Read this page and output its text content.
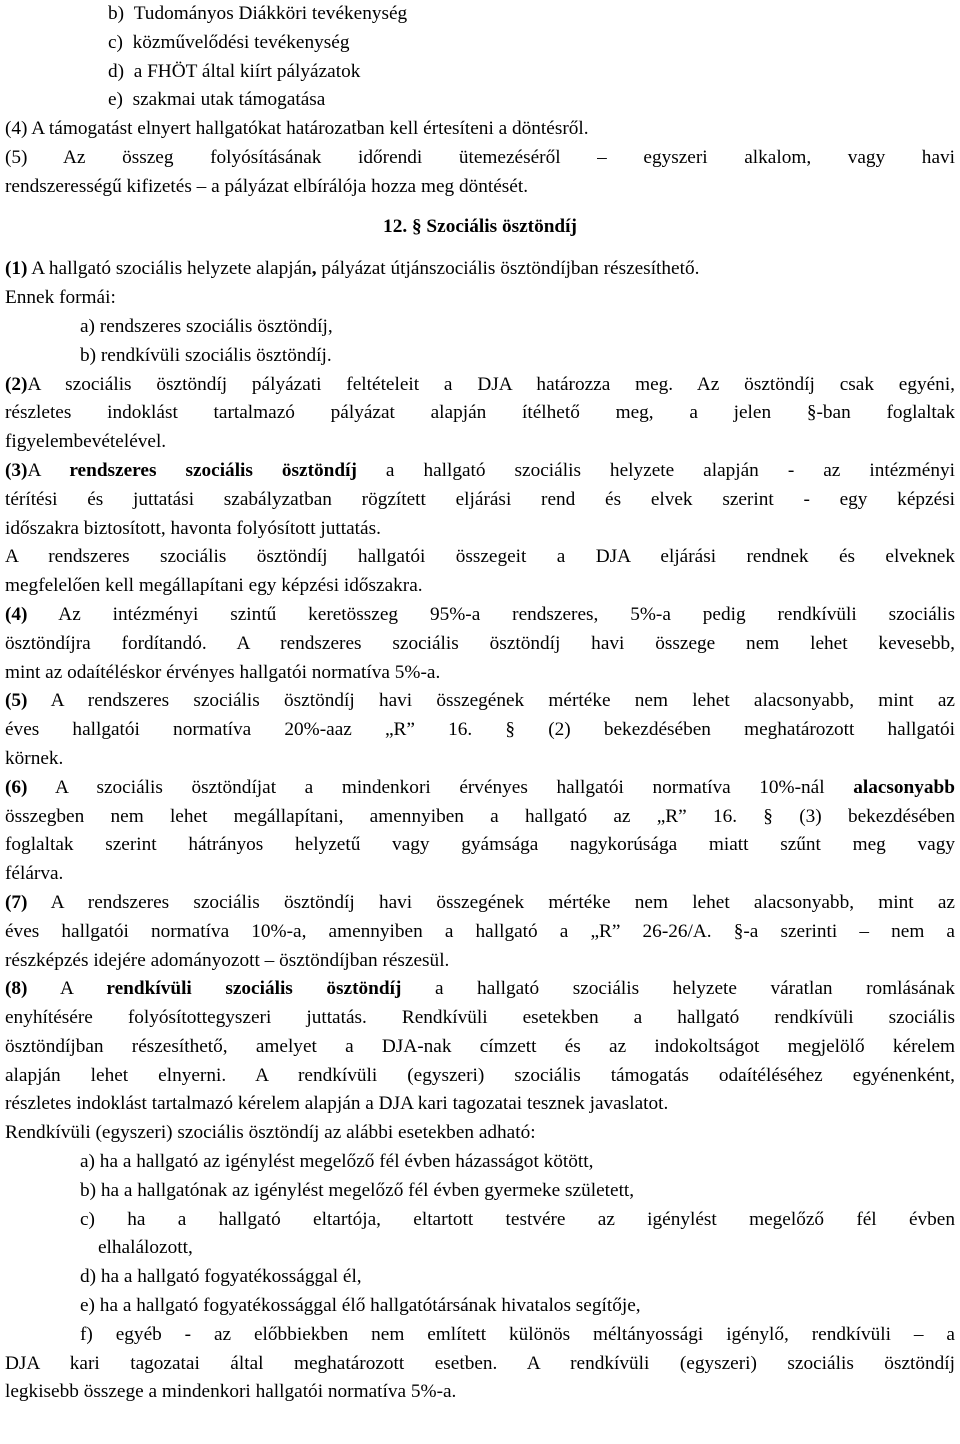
b)  Tudományos Diákköri tevékenység
c)  közművelődési tevékenység
d)  a FHÖT által kiírt pályázatok
e)  szakmai utak támogatása
(4) A támogatást elnyert hallgatókat határozatban kell értesíteni a döntésről.
(5) Az összeg folyósításának időrendi ütemezéséről – egyszeri alkalom, vagy havi
rendszerességű kifizetés – a pályázat elbírálója hozza meg döntését.
12. § Szociális ösztöndíj
(1) A hallgató szociális helyzete alapján, pályázat útjánszociális ösztöndíjban részesíthető.
Ennek formái:
a) rendszeres szociális ösztöndíj,
b) rendkívüli szociális ösztöndíj.
(2)A szociális ösztöndíj pályázati feltételeit a DJA határozza meg. Az ösztöndíj csak egyéni,
részletes indoklást tartalmazó pályázat alapján ítélhető meg, a jelen §-ban foglaltak
figyelembevételével.
(3)A rendszeres szociális ösztöndíj a hallgató szociális helyzete alapján - az intézményi
térítési és juttatási szabályzatban rögzített eljárási rend és elvek szerint - egy képzési
időszakra biztosított, havonta folyósított juttatás.
A rendszeres szociális ösztöndíj hallgatói összegeit a DJA eljárási rendnek és elveknek
megfelelően kell megállapítani egy képzési időszakra.
(4) Az intézményi szintű keretösszeg 95%-a rendszeres, 5%-a pedig rendkívüli szociális
ösztöndíjra fordítandó. A rendszeres szociális ösztöndíj havi összege nem lehet kevesebb,
mint az odaítéléskor érvényes hallgatói normatíva 5%-a.
(5) A rendszeres szociális ösztöndíj havi összegének mértéke nem lehet alacsonyabb, mint az
éves hallgatói normatíva 20%-aaz „R” 16. § (2) bekezdésében meghatározott hallgatói
körnek.
(6) A szociális ösztöndíjat a mindenkori érvényes hallgatói normatíva 10%-nál alacsonyabb
összegben nem lehet megállapítani, amennyiben a hallgató az „R” 16. § (3) bekezdésében
foglaltak szerint hátrányos helyzetű vagy gyámsága nagykorúsága miatt szűnt meg vagy
félárva.
(7) A rendszeres szociális ösztöndíj havi összegének mértéke nem lehet alacsonyabb, mint az
éves hallgatói normatíva 10%-a, amennyiben a hallgató a „R” 26-26/A. §-a szerinti – nem a
részképzés idejére adományozott – ösztöndíjban részesül.
(8) A rendkívüli szociális ösztöndíj a hallgató szociális helyzete váratlan romlásának
enyhítésére folyósítottegyszeri juttatás. Rendkívüli esetekben a hallgató rendkívüli szociális
ösztöndíjban részesíthető, amelyet a DJA-nak címzett és az indokoltságot megjelölő kérelem
alapján lehet elnyerni. A rendkívüli (egyszeri) szociális támogatás odaítéléséhez egyénenként,
részletes indoklást tartalmazó kérelem alapján a DJA kari tagozatai tesznek javaslatot.
Rendkívüli (egyszeri) szociális ösztöndíj az alábbi esetekben adható:
a) ha a hallgató az igénylést megelőző fél évben házasságot kötött,
b) ha a hallgatónak az igénylést megelőző fél évben gyermeke született,
c) ha a hallgató eltartója, eltartott testvére az igénylést megelőző fél évben
elhalálozott,
d) ha a hallgató fogyatékossággal él,
e) ha a hallgató fogyatékossággal élő hallgatótársának hivatalos segítője,
f) egyéb - az előbbiekben nem említett különös méltányossági igénylő, rendkívüli – a
DJA kari tagozatai által meghatározott esetben. A rendkívüli (egyszeri) szociális ösztöndíj
legkisebb összege a mindenkori hallgatói normatíva 5%-a.
